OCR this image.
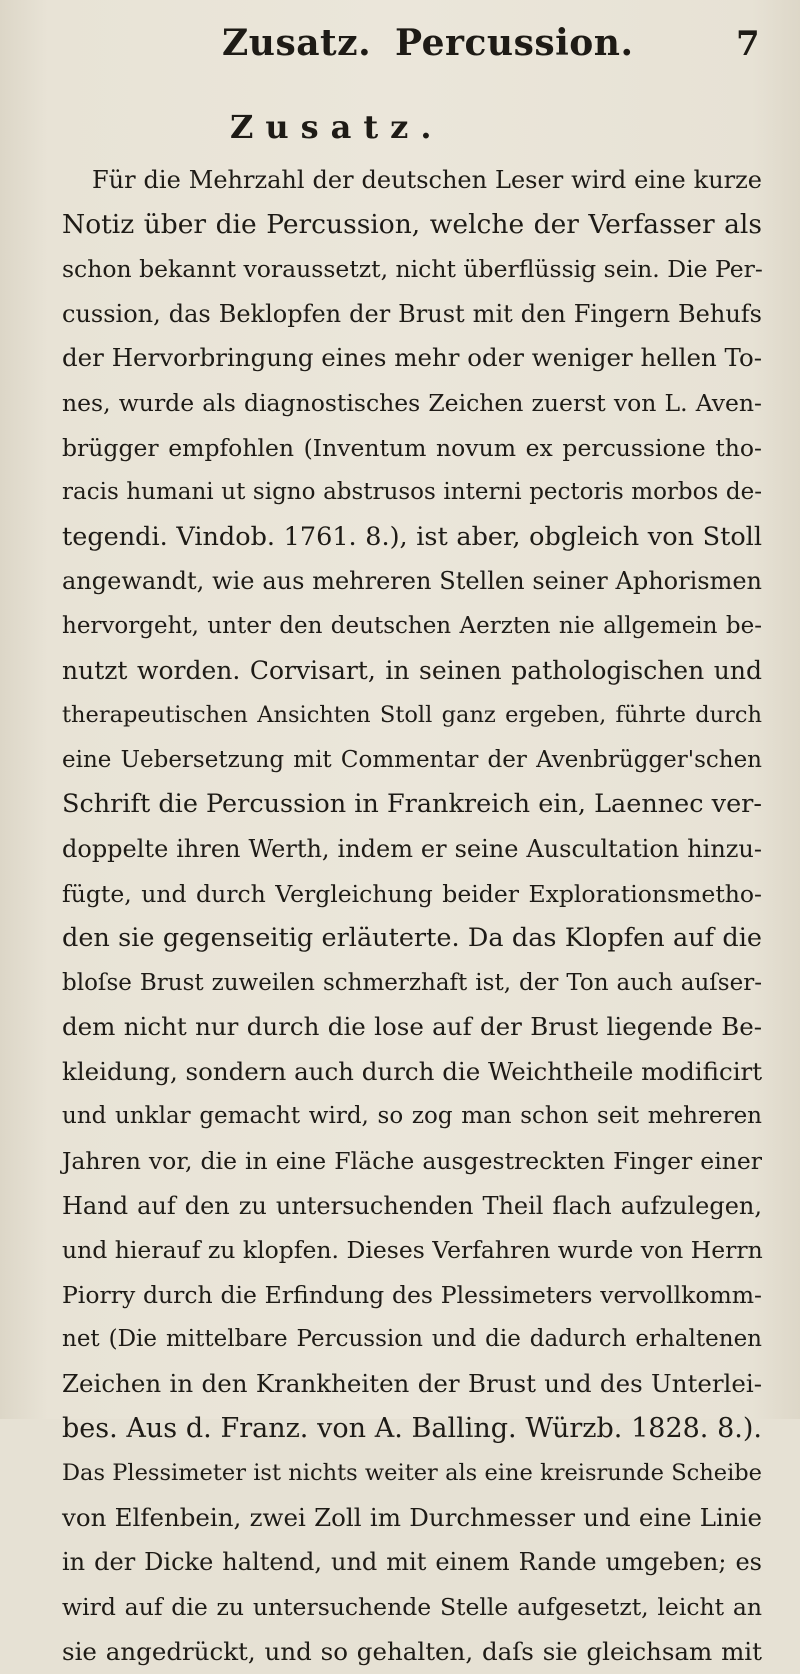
Zusatz. Percussion.	7
Zusatz.
Für die Mehrzahl der deutschen Leser wird eine kurze
Notiz über die Percussion, welche der Verfasser als
schon bekannt voraussetzt, nicht überflüssig sein. Die Per-
cussion, das Beklopfen der Brust mit den Fingern Behufs
der Hervorbringung eines mehr oder weniger hellen To-
nes, wurde als diagnostisches Zeichen zuerst von L. Aven-
brügger empfohlen (Inventum novum ex percussione tho-
racis humani ut signo abstrusos interni pectoris morbos de-
tegendi. Vindob. 1761. 8.), ist aber, obgleich von Stoll
angewandt, wie aus mehreren Stellen seiner Aphorismen
hervorgeht, unter den deutschen Aerzten nie allgemein be-
nutzt worden. Corvisart, in seinen pathologischen und
therapeutischen Ansichten Stoll ganz ergeben, führte durch
eine Uebersetzung mit Commentar der Avenbrügger'schen
Schrift die Percussion in Frankreich ein, Laennec ver-
doppelte ihren Werth, indem er seine Auscultation hinzu-
fügte, und durch Vergleichung beider Explorationsmetho-
den sie gegenseitig erläuterte. Da das Klopfen auf die
bloſse Brust zuweilen schmerzhaft ist, der Ton auch auſser-
dem nicht nur durch die lose auf der Brust liegende Be-
kleidung, sondern auch durch die Weichtheile modificirt
und unklar gemacht wird, so zog man schon seit mehreren
Jahren vor, die in eine Fläche ausgestreckten Finger einer
Hand auf den zu untersuchenden Theil flach aufzulegen,
und hierauf zu klopfen. Dieses Verfahren wurde von Herrn
Piorry durch die Erfindung des Plessimeters vervollkomm-
net (Die mittelbare Percussion und die dadurch erhaltenen
Zeichen in den Krankheiten der Brust und des Unterlei-
bes. Aus d. Franz. von A. Balling. Würzb. 1828. 8.).
Das Plessimeter ist nichts weiter als eine kreisrunde Scheibe
von Elfenbein, zwei Zoll im Durchmesser und eine Linie
in der Dicke haltend, und mit einem Rande umgeben; es
wird auf die zu untersuchende Stelle aufgesetzt, leicht an
sie angedrückt, und so gehalten, daſs sie gleichsam mit
